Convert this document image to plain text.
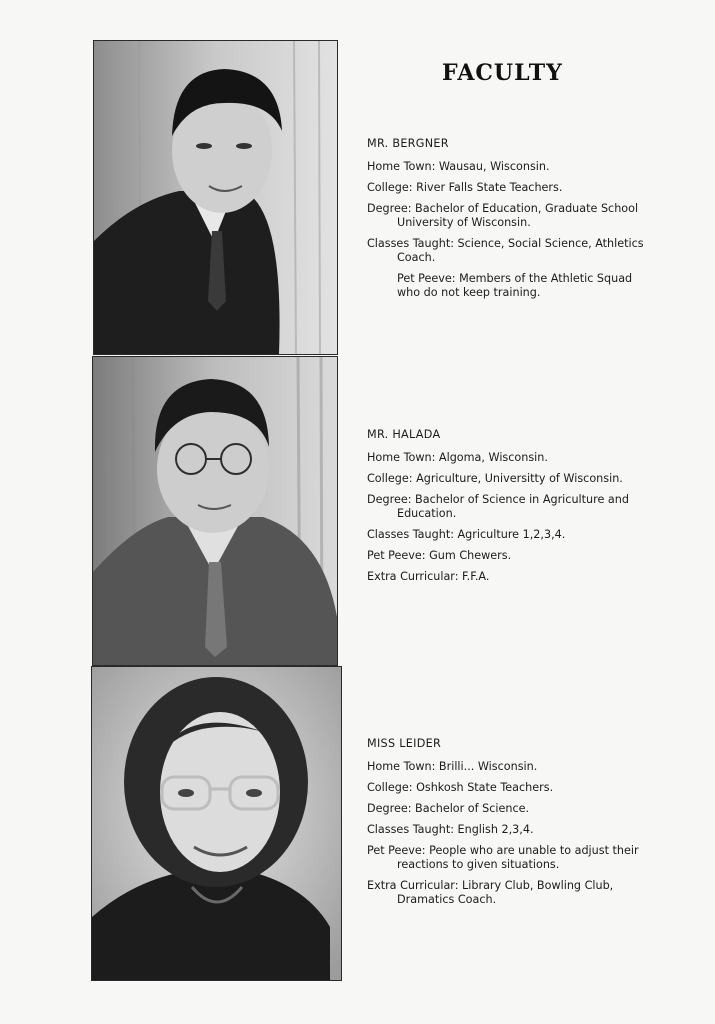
FACULTY
MR. BERGNER
Home Town: Wausau, Wisconsin.
College: River Falls State Teachers.
Degree: Bachelor of Education, Graduate School
University of Wisconsin.
Classes Taught: Science, Social Science, Athletics
Coach.
Pet Peeve: Members of the Athletic Squad
who do not keep training.
MR. HALADA
Home Town: Algoma, Wisconsin.
College: Agriculture, Universitty of Wisconsin.
Degree: Bachelor of Science in Agriculture and
Education.
Classes Taught: Agriculture 1,2,3,4.
Pet Peeve: Gum Chewers.
Extra Curricular: F.F.A.
MISS LEIDER
Home Town: Brilli... Wisconsin.
College: Oshkosh State Teachers.
Degree: Bachelor of Science.
Classes Taught: English 2,3,4.
Pet Peeve: People who are unable to adjust their
reactions to given situations.
Extra Curricular: Library Club, Bowling Club,
Dramatics Coach.
